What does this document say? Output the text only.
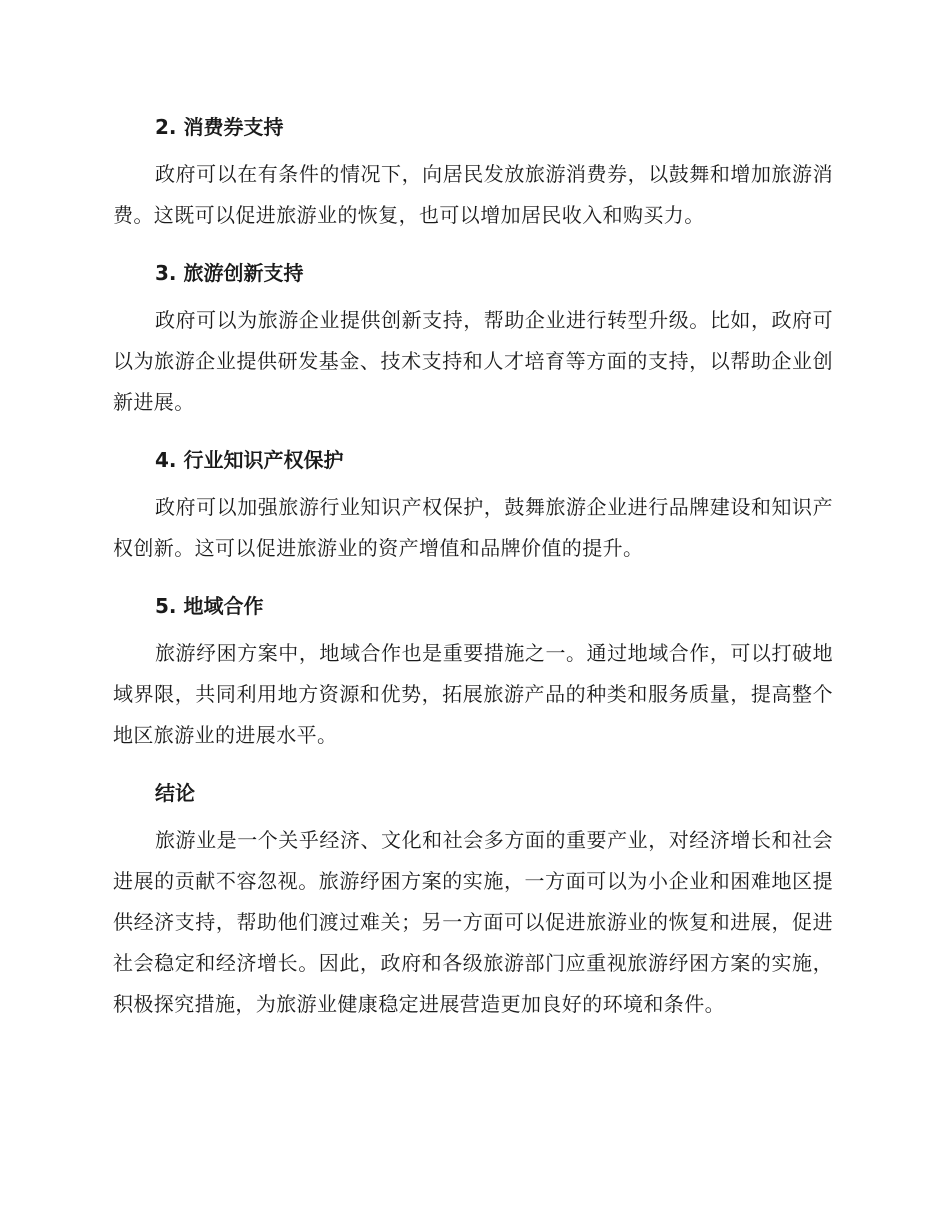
2. 消费券支持

政府可以在有条件的情况下，向居民发放旅游消费券，以鼓舞和增加旅游消费。这既可以促进旅游业的恢复，也可以增加居民收入和购买力。

3. 旅游创新支持

政府可以为旅游企业提供创新支持，帮助企业进行转型升级。比如，政府可以为旅游企业提供研发基金、技术支持和人才培育等方面的支持，以帮助企业创新进展。

4. 行业知识产权保护

政府可以加强旅游行业知识产权保护，鼓舞旅游企业进行品牌建设和知识产权创新。这可以促进旅游业的资产增值和品牌价值的提升。

5. 地域合作

旅游纾困方案中，地域合作也是重要措施之一。通过地域合作，可以打破地域界限，共同利用地方资源和优势，拓展旅游产品的种类和服务质量，提高整个地区旅游业的进展水平。

结论

旅游业是一个关乎经济、文化和社会多方面的重要产业，对经济增长和社会进展的贡献不容忽视。旅游纾困方案的实施，一方面可以为小企业和困难地区提供经济支持，帮助他们渡过难关；另一方面可以促进旅游业的恢复和进展，促进社会稳定和经济增长。因此，政府和各级旅游部门应重视旅游纾困方案的实施，积极探究措施，为旅游业健康稳定进展营造更加良好的环境和条件。
